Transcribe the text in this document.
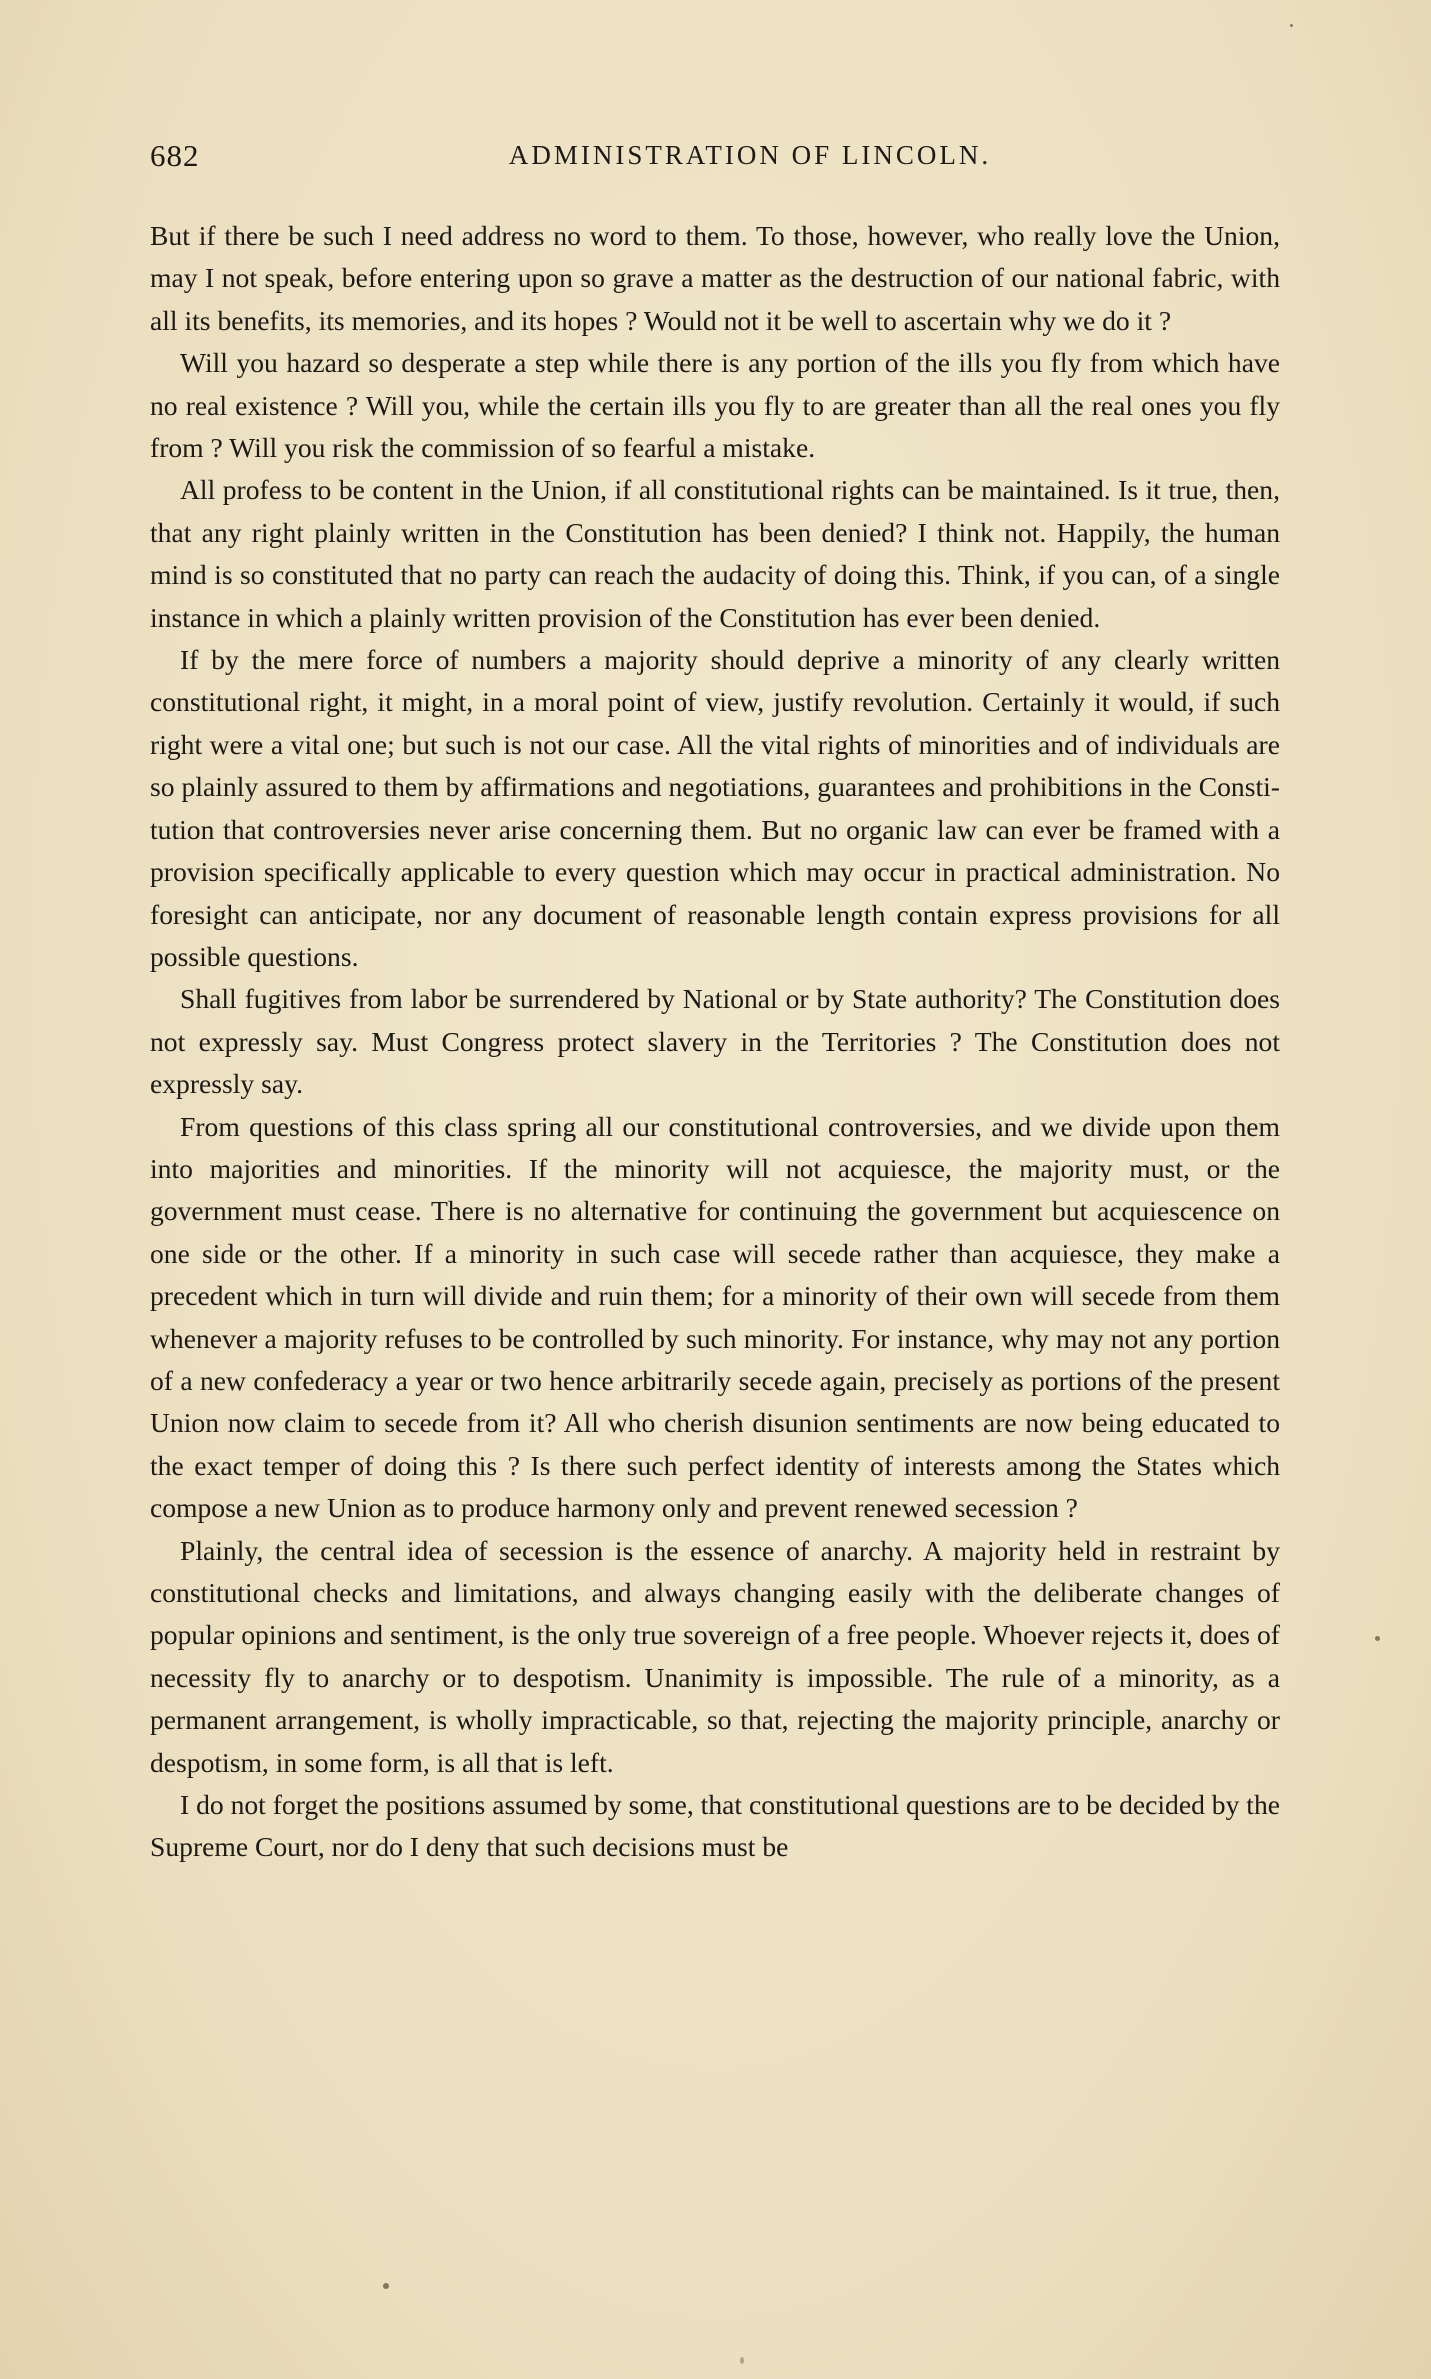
682	ADMINISTRATION OF LINCOLN.

But if there be such I need address no word to them. To those, however, who really love the Union, may I not speak, before entering upon so grave a matter as the destruction of our national fabric, with all its benefits, its memories, and its hopes ? Would not it be well to ascertain why we do it ?

Will you hazard so desperate a step while there is any portion of the ills you fly from which have no real existence ? Will you, while the certain ills you fly to are greater than all the real ones you fly from ? Will you risk the commission of so fearful a mistake.

All profess to be content in the Union, if all constitutional rights can be maintained. Is it true, then, that any right plainly written in the Constitution has been denied? I think not. Happily, the human mind is so constituted that no party can reach the audacity of doing this. Think, if you can, of a single instance in which a plainly written provision of the Constitution has ever been denied.

If by the mere force of numbers a majority should deprive a minority of any clearly written constitutional right, it might, in a moral point of view, justify revolution. Certainly it would, if such right were a vital one; but such is not our case. All the vital rights of minorities and of individuals are so plainly assured to them by affirmations and negotiations, guarantees and prohibitions in the Constitution that controversies never arise concerning them. But no organic law can ever be framed with a provision specifically applicable to every question which may occur in practical administration. No foresight can anticipate, nor any document of reasonable length contain express provisions for all possible questions.

Shall fugitives from labor be surrendered by National or by State authority? The Constitution does not expressly say. Must Congress protect slavery in the Territories ? The Constitution does not expressly say.

From questions of this class spring all our constitutional controversies, and we divide upon them into majorities and minorities. If the minority will not acquiesce, the majority must, or the government must cease. There is no alternative for continuing the government but acquiescence on one side or the other. If a minority in such case will secede rather than acquiesce, they make a precedent which in turn will divide and ruin them; for a minority of their own will secede from them whenever a majority refuses to be controlled by such minority. For instance, why may not any portion of a new confederacy a year or two hence arbitrarily secede again, precisely as portions of the present Union now claim to secede from it? All who cherish disunion sentiments are now being educated to the exact temper of doing this ? Is there such perfect identity of interests among the States which compose a new Union as to produce harmony only and prevent renewed secession ?

Plainly, the central idea of secession is the essence of anarchy. A majority held in restraint by constitutional checks and limitations, and always changing easily with the deliberate changes of popular opinions and sentiment, is the only true sovereign of a free people. Whoever rejects it, does of necessity fly to anarchy or to despotism. Unanimity is impossible. The rule of a minority, as a permanent arrangement, is wholly impracticable, so that, rejecting the majority principle, anarchy or despotism, in some form, is all that is left.

I do not forget the positions assumed by some, that constitutional questions are to be decided by the Supreme Court, nor do I deny that such decisions must be
